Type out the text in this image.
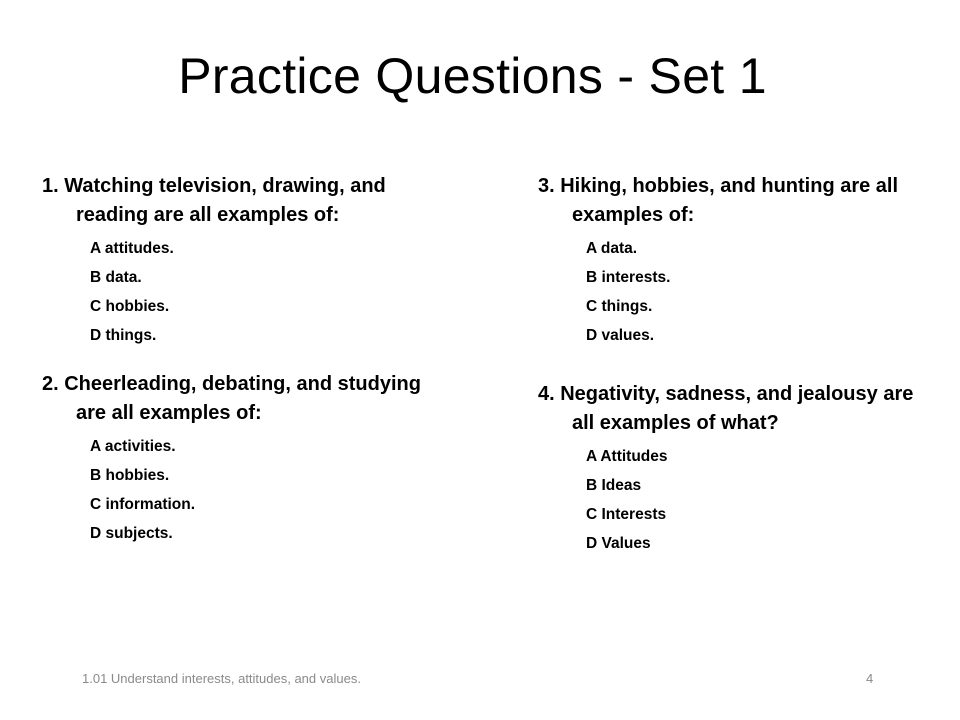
Practice Questions - Set 1

1. Watching television, drawing, and reading are all examples of:

A attitudes.
B data.
C hobbies.
D things.

2. Cheerleading, debating, and studying are all examples of:

A activities.
B hobbies.
C information.
D subjects.

3. Hiking, hobbies, and hunting are all examples of:

A data.
B interests.
C things.
D values.

4. Negativity, sadness, and jealousy are all examples of what?

A Attitudes
B Ideas
C Interests
D Values
1.01 Understand interests, attitudes, and values.	4
